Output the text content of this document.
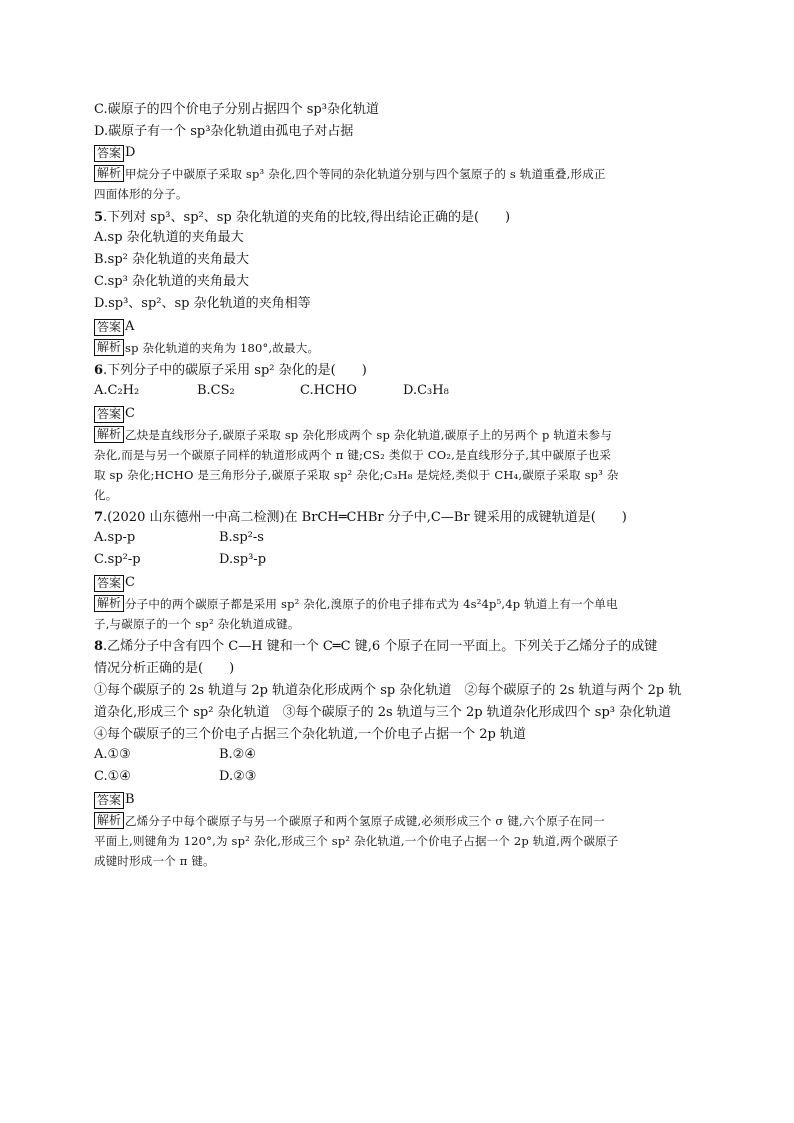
C.碳原子的四个价电子分别占据四个 sp³杂化轨道
D.碳原子有一个 sp³杂化轨道由孤电子对占据
答案 D
解析 甲烷分子中碳原子采取 sp³ 杂化,四个等同的杂化轨道分别与四个氢原子的 s 轨道重叠,形成正
四面体形的分子。
5.下列对 sp³、sp²、sp 杂化轨道的夹角的比较,得出结论正确的是(　　)
A.sp 杂化轨道的夹角最大
B.sp² 杂化轨道的夹角最大
C.sp³ 杂化轨道的夹角最大
D.sp³、sp²、sp 杂化轨道的夹角相等
答案 A
解析 sp 杂化轨道的夹角为 180°,故最大。
6.下列分子中的碳原子采用 sp² 杂化的是(　　)
A.C₂H₂	B.CS₂	C.HCHO	D.C₃H₈
答案 C
解析 乙炔是直线形分子,碳原子采取 sp 杂化形成两个 sp 杂化轨道,碳原子上的另两个 p 轨道未参与
杂化,而是与另一个碳原子同样的轨道形成两个 π 键;CS₂ 类似于 CO₂,是直线形分子,其中碳原子也采
取 sp 杂化;HCHO 是三角形分子,碳原子采取 sp² 杂化;C₃H₈ 是烷烃,类似于 CH₄,碳原子采取 sp³ 杂
化。
7.(2020 山东德州一中高二检测)在 BrCH═CHBr 分子中,C—Br 键采用的成键轨道是(　　)
A.sp-p	B.sp²-s
C.sp²-p	D.sp³-p
答案 C
解析 分子中的两个碳原子都是采用 sp² 杂化,溴原子的价电子排布式为 4s²4p⁵,4p 轨道上有一个单电
子,与碳原子的一个 sp² 杂化轨道成键。
8.乙烯分子中含有四个 C—H 键和一个 C═C 键,6 个原子在同一平面上。下列关于乙烯分子的成键
情况分析正确的是(　　)
①每个碳原子的 2s 轨道与 2p 轨道杂化形成两个 sp 杂化轨道　②每个碳原子的 2s 轨道与两个 2p 轨
道杂化,形成三个 sp² 杂化轨道　③每个碳原子的 2s 轨道与三个 2p 轨道杂化形成四个 sp³ 杂化轨道
④每个碳原子的三个价电子占据三个杂化轨道,一个价电子占据一个 2p 轨道
A.①③	B.②④
C.①④	D.②③
答案 B
解析 乙烯分子中每个碳原子与另一个碳原子和两个氢原子成键,必须形成三个 σ 键,六个原子在同一
平面上,则键角为 120°,为 sp² 杂化,形成三个 sp² 杂化轨道,一个价电子占据一个 2p 轨道,两个碳原子
成键时形成一个 π 键。
